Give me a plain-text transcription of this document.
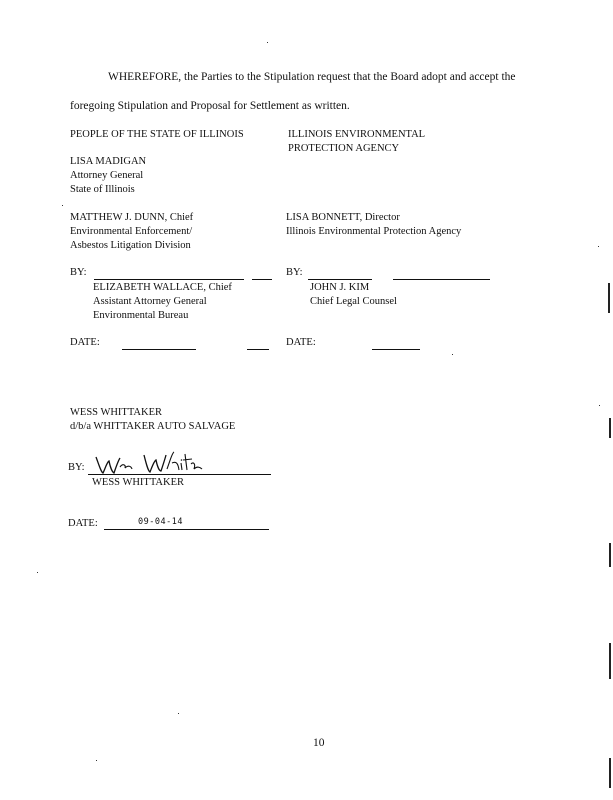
WHEREFORE, the Parties to the Stipulation request that the Board adopt and accept the
foregoing Stipulation and Proposal for Settlement as written.
PEOPLE OF THE STATE OF ILLINOIS
LISA MADIGAN
Attorney General
State of Illinois
MATTHEW J. DUNN, Chief
Environmental Enforcement/
Asbestos Litigation Division
BY:
ELIZABETH WALLACE, Chief
Assistant Attorney General
Environmental Bureau
DATE:
ILLINOIS ENVIRONMENTAL
PROTECTION AGENCY
LISA BONNETT, Director
Illinois Environmental Protection Agency
BY:
JOHN J. KIM
Chief Legal Counsel
DATE:
WESS WHITTAKER
d/b/a WHITTAKER AUTO SALVAGE
BY:
WESS WHITTAKER
DATE:	09-04-14
10
